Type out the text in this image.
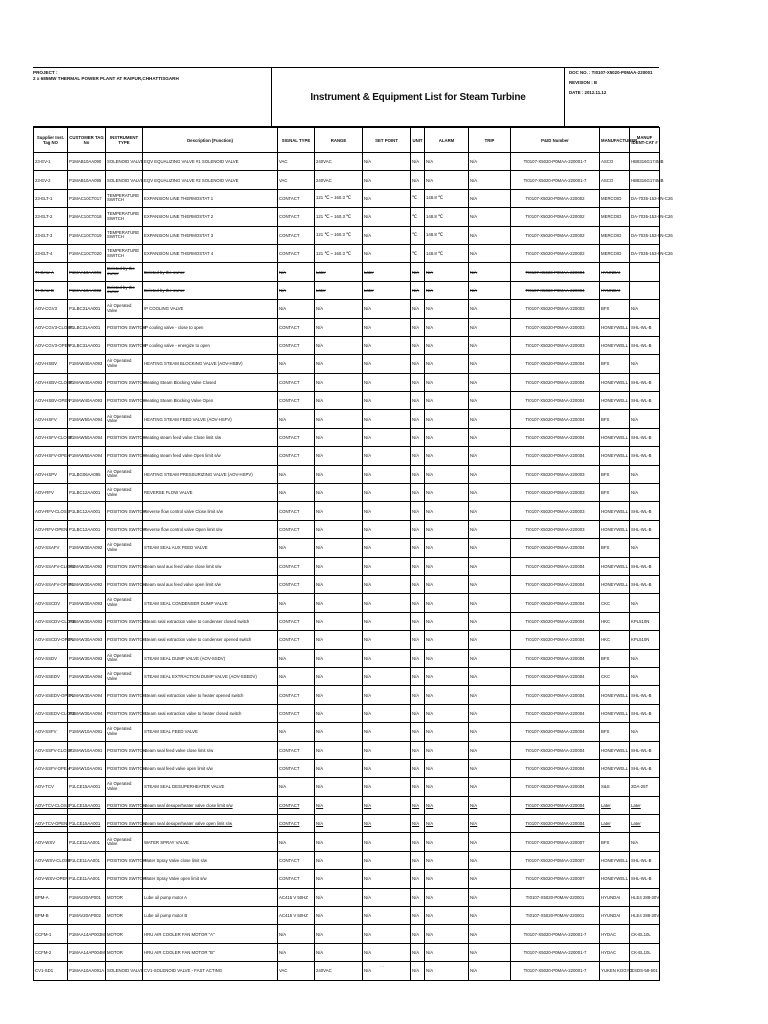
PROJECT :
2 x 685MW THERMAL POWER PLANT AT RAIPUR,CHHATTISGARH
Instrument & Equipment List for Steam Turbine
DOC NO. : TI0107-X5020-P0MAA-220001
REVISION : B
DATE : 2012.11.12
Supplier Inst. Tag NO	CUSTOMER TAG No	INSTRUMENT TYPE	Description (Function)	SIGNAL TYPE	RANGE	SET POINT	UNIT	ALARM	TRIP	P&ID Number	MANUFACTURER	MANUF IDENT-CAT #
23-EV-1	P1MAB10AA090	SOLENOID VALVE	EQV EQUALIZING VALVE #1 SOLENOID VALVE	VAC	240VAC	N/A	N/A	N/A	N/A	TI0107-X5020-P0MAA-220001-7	ASCO	HB8316G174MB
23-EV-2	P1MAB10AA095	SOLENOID VALVE	EQV EQUALIZING VALVE #2 SOLENOID VALVE	VAC	240VAC	N/A	N/A	N/A	N/A	TI0107-X5020-P0MAA-220001-7	ASCO	HB8316G174MB
23-ELT-1	P1MAC10CT017	TEMPERATURE SWITCH	EXPANSION LINE THERMOSTAT 1	CONTACT	121 ℃ ~ 160.3 ℃	N/A	℃	148.8 ℃	N/A	TI0107-X5020-P0MAA-220002	MERCOID	DA-7035-153-8N-C26
23-ELT-2	P1MAC10CT018	TEMPERATURE SWITCH	EXPANSION LINE THERMOSTAT 2	CONTACT	121 ℃ ~ 160.3 ℃	N/A	℃	148.8 ℃	N/A	TI0107-X5020-P0MAA-220002	MERCOID	DA-7035-153-8N-C26
23-ELT-3	P1MAC10CT019	TEMPERATURE SWITCH	EXPANSION LINE THERMOSTAT 3	CONTACT	121 ℃ ~ 160.3 ℃	N/A	℃	148.8 ℃	N/A	TI0107-X5020-P0MAA-220002	MERCOID	DA-7035-153-8N-C26
23-ELT-4	P1MAC10CT020	TEMPERATURE SWITCH	EXPANSION LINE THERMOSTAT 4	CONTACT	121 ℃ ~ 160.3 ℃	N/A	℃	148.8 ℃	N/A	TI0107-X5020-P0MAA-220002	MERCOID	DA-7035-153-8N-C26
TI-GAU-A	P1MAA10AA001	Deleted by the owner	Deleted by the owner	N/A	Later	Later	N/A	N/A	N/A	TI0107-X5020-P0MAA-220004	HYUNDAI	
TI-GAU-B	P1MAA10AA002	Deleted by the owner	Deleted by the owner	N/A	Later	Later	N/A	N/A	N/A	TI0107-X5020-P0MAA-220004	HYUNDAI	
AOV-CGV3	P1LBC31AA001	Air Operated Valve	IP COOLING VALVE	N/A	N/A	N/A	N/A	N/A	N/A	TI0107-X5020-P0MAA-220003	BFS	N/A
AOV-CGV3-CLOSE	P1LBC31AA001	POSITION SWITCH	IP cooling valve - close to open	CONTACT	N/A	N/A	N/A	N/A	N/A	TI0107-X5020-P0MAA-220003	HONEYWELL	SHL-WL-B
AOV-CGV3-OPEN	P1LBC31AA001	POSITION SWITCH	IP cooling valve - energize to open	CONTACT	N/A	N/A	N/A	N/A	N/A	TI0107-X5020-P0MAA-220003	HONEYWELL	SHL-WL-B
AOV-HSBV	P1MAW40AA093	Air Operated Valve	HEATING STEAM BLOCKING VALVE (AOV-HSBV)	N/A	N/A	N/A	N/A	N/A	N/A	TI0107-X5020-P0MAA-220004	BFS	N/A
AOV-HSBV-CLOSE	P1MAW40AA093	POSITION SWITCH	Heating Steam Blocking Valve Closed	CONTACT	N/A	N/A	N/A	N/A	N/A	TI0107-X5020-P0MAA-220004	HONEYWELL	SHL-WL-B
AOV-HSBV-OPEN	P1MAW40AA093	POSITION SWITCH	Heating Steam Blocking Valve Open	CONTACT	N/A	N/A	N/A	N/A	N/A	TI0107-X5020-P0MAA-220004	HONEYWELL	SHL-WL-B
AOV-HSFV	P1MAW50AA094	Air Operated Valve	HEATING STEAM FEED VALVE (AOV-HSFV)	N/A	N/A	N/A	N/A	N/A	N/A	TI0107-X5020-P0MAA-220004	BFS	N/A
AOV-HSFV-CLOSE	P1MAW50AA094	POSITION SWITCH	Heating steam feed valve Close limit s/w	CONTACT	N/A	N/A	N/A	N/A	N/A	TI0107-X5020-P0MAA-220004	HONEYWELL	SHL-WL-B
AOV-HSFV-OPEN	P1MAW50AA094	POSITION SWITCH	Heating steam feed valve Open limit s/w	CONTACT	N/A	N/A	N/A	N/A	N/A	TI0107-X5020-P0MAA-220004	HONEYWELL	SHL-WL-B
AOV-HSPV	P1LBG06AA095	Air Operated Valve	HEATING STEAM PRESSURIZING VALVE (AOV-HSPV)	N/A	N/A	N/A	N/A	N/A	N/A	TI0107-X5020-P0MAA-220003	BFS	N/A
AOV-RFV	P1LBC12AA001	Air Operated Valve	REVERSE FLOW VALVE	N/A	N/A	N/A	N/A	N/A	N/A	TI0107-X5020-P0MAA-220003	BFS	N/A
AOV-RFV-CLOSE	P1LBC12AA001	POSITION SWITCH	Reverse flow control valve Close limit s/w	CONTACT	N/A	N/A	N/A	N/A	N/A	TI0107-X5020-P0MAA-220003	HONEYWELL	SHL-WL-B
AOV-RFV-OPEN	P1LBC12AA001	POSITION SWITCH	Reverse flow control valve Open limit s/w	CONTACT	N/A	N/A	N/A	N/A	N/A	TI0107-X5020-P0MAA-220003	HONEYWELL	SHL-WL-B
AOV-SSAFV	P1MAW30AA092	Air Operated Valve	STEAM SEAL AUX FEED VALVE	N/A	N/A	N/A	N/A	N/A	N/A	TI0107-X5020-P0MAA-220004	BFS	N/A
AOV-SSAFV-CLOSE	P1MAW30AA092	POSITION SWITCH	steam seal aux feed valve close limit s/w	CONTACT	N/A	N/A	N/A	N/A	N/A	TI0107-X5020-P0MAA-220004	HONEYWELL	SHL-WL-B
AOV-SSAFV-OPEN	P1MAW30AA092	POSITION SWITCH	steam seal aux feed valve open limit s/w	CONTACT	N/A	N/A	N/A	N/A	N/A	TI0107-X5020-P0MAA-220004	HONEYWELL	SHL-WL-B
AOV-SSCDV	P1MAW30AA093	Air Operated Valve	STEAM SEAL CONDENSER DUMP VALVE	N/A	N/A	N/A	N/A	N/A	N/A	TI0107-X5020-P0MAA-220004	CKC	N/A
AOV-SSCDV-CLOSE	P1MAW30AA093	POSITION SWITCH	Steam seal extraction valve to condenser closed switch	CONTACT	N/A	N/A	N/A	N/A	N/A	TI0107-X5020-P0MAA-220004	HKC	KPL510N
AOV-SSCDV-OPEN	P1MAW30AA093	POSITION SWITCH	Steam seal extraction valve to condenser opened switch	CONTACT	N/A	N/A	N/A	N/A	N/A	TI0107-X5020-P0MAA-220004	HKC	KPL510N
AOV-SSDV	P1MAW30AA093	Air Operated Valve	STEAM SEAL DUMP VALVE (AOV-SSDV)	N/A	N/A	N/A	N/A	N/A	N/A	TI0107-X5020-P0MAA-220004	BFS	N/A
AOV-SSEDV	P1MAW30AA094	Air Operated Valve	STEAM SEAL EXTRACTION DUMP VALVE (AOV-SSEDV)	N/A	N/A	N/A	N/A	N/A	N/A	TI0107-X5020-P0MAA-220004	CKC	N/A
AOV-SSEDV-OPEN	P1MAW30AA094	POSITION SWITCH	Steam seal extraction valve to heater opened switch	CONTACT	N/A	N/A	N/A	N/A	N/A	TI0107-X5020-P0MAA-220004	HONEYWELL	SHL-WL-B
AOV-SSEDV-CLOSE	P1MAW30AA094	POSITION SWITCH	Steam seal extraction valve to heater closed switch	CONTACT	N/A	N/A	N/A	N/A	N/A	TI0107-X5020-P0MAA-220004	HONEYWELL	SHL-WL-B
AOV-SSFV	P1MAW10AA091	Air Operated Valve	STEAM SEAL FEED VALVE	N/A	N/A	N/A	N/A	N/A	N/A	TI0107-X5020-P0MAA-220004	BFS	N/A
AOV-SSFV-CLOSE	P1MAW10AA091	POSITION SWITCH	steam seal feed valve close limit s/w	CONTACT	N/A	N/A	N/A	N/A	N/A	TI0107-X5020-P0MAA-220004	HONEYWELL	SHL-WL-B
AOV-SSFV-OPEN	P1MAW10AA091	POSITION SWITCH	steam seal feed valve open limit s/w	CONTACT	N/A	N/A	N/A	N/A	N/A	TI0107-X5020-P0MAA-220004	HONEYWELL	SHL-WL-B
AOV-TCV	P1LCE15AA001	Air Operated Valve	STEAM SEAL DESUPERHEATER VALVE	N/A	N/A	N/A	N/A	N/A	N/A	TI0107-X5020-P0MAA-220004	S&S	2DA-25T
AOV-TCV-CLOSE	P1LCE15AA001	POSITION SWITCH	steam seal desuperheater valve close limit s/w	CONTACT	N/A	N/A	N/A	N/A	N/A	TI0107-X5020-P0MAA-220004	Later	Later
AOV-TCV-OPEN	P1LCE15AA001	POSITION SWITCH	steam seal desuperheater valve open limit s/w	CONTACT	N/A	N/A	N/A	N/A	N/A	TI0107-X5020-P0MAA-220004	Later	Later
AOV-WSV	P1LCE11AA001	Air Operated Valve	WATER SPRAY VALVE	N/A	N/A	N/A	N/A	N/A	N/A	TI0107-X5020-P0MAA-220007	BFS	N/A
AOV-WSV-CLOSE	P1LCE11AA001	POSITION SWITCH	Water Spray Valve close limit s/w	CONTACT	N/A	N/A	N/A	N/A	N/A	TI0107-X5020-P0MAA-220007	HONEYWELL	SHL-WL-B
AOV-WSV-OPEN	P1LCE11AA001	POSITION SWITCH	Water Spray Valve open limit s/w	CONTACT	N/A	N/A	N/A	N/A	N/A	TI0107-X5020-P0MAA-220007	HONEYWELL	SHL-WL-B
BPM-A	P1MAV20AP001	MOTOR	Lube oil pump motor A	AC415 V 50HZ	N/A	N/A	N/A	N/A	N/A	TI0107-X5020-P0MAV-220001	HYUNDAI	HLE4 288-30V
BPM-B	P1MAV20AP002	MOTOR	Lube oil pump motor B	AC415 V 50HZ	N/A	N/A	N/A	N/A	N/A	TI0107-X5020-P0MAV-220001	HYUNDAI	HLE4 288-30V
CCFM-1	P1MAA14AP003M	MOTOR	HRU AIR COOLER FAN MOTOR "A"	N/A	N/A	N/A	N/A	N/A	N/A	TI0107-X5020-P0MAA-220001-7	HYDAC	CK-EL10L
CCFM-2	P1MAA14AP004M	MOTOR	HRU AIR COOLER FAN MOTOR "B"	N/A	N/A	N/A	N/A	N/A	N/A	TI0107-X5020-P0MAA-220001-7	HYDAC	CK-EL10L
CV1-SD1	P1MAA10AA091A	SOLENOID VALVE	CV1-SOLENOID VALVE - FAST ACTING	VAC	240VAC	N/A	N/A	N/A	N/A	TI0107-X5020-P0MAA-220001-7	YUKEN KOGYO	CSDS-58-501
...
